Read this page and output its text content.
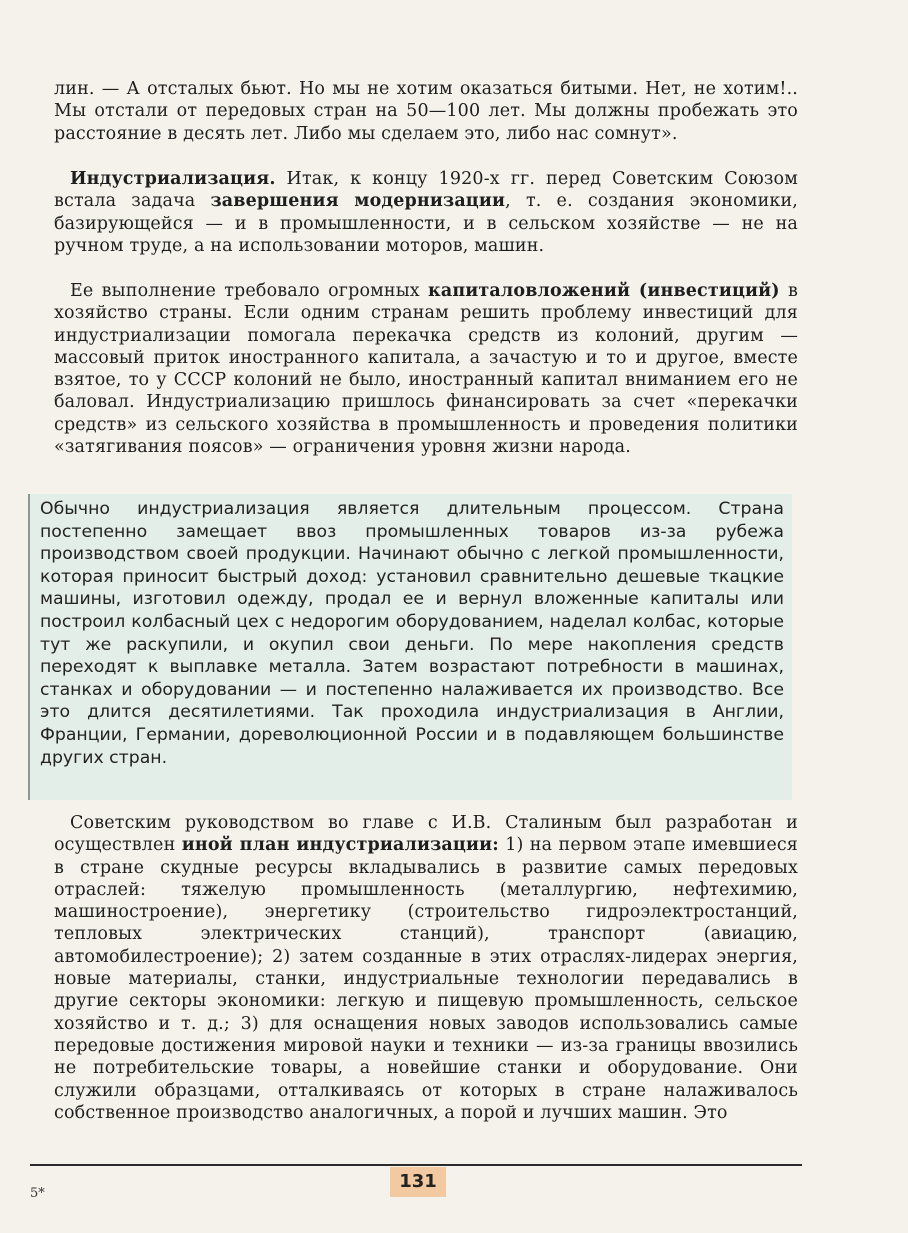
лин. — А отсталых бьют. Но мы не хотим оказаться битыми. Нет, не хотим!.. Мы отстали от передовых стран на 50—100 лет. Мы должны пробежать это расстояние в десять лет. Либо мы сделаем это, либо нас сомнут».

Индустриализация. Итак, к концу 1920-х гг. перед Советским Союзом встала задача завершения модернизации, т. е. создания экономики, базирующейся — и в промышленности, и в сельском хозяйстве — не на ручном труде, а на использовании моторов, машин.

Ее выполнение требовало огромных капиталовложений (инвестиций) в хозяйство страны. Если одним странам решить проблему инвестиций для индустриализации помогала перекачка средств из колоний, другим — массовый приток иностранного капитала, а зачастую и то и другое, вместе взятое, то у СССР колоний не было, иностранный капитал вниманием его не баловал. Индустриализацию пришлось финансировать за счет «перекачки средств» из сельского хозяйства в промышленность и проведения политики «затягивания поясов» — ограничения уровня жизни народа.

Обычно индустриализация является длительным процессом. Страна постепенно замещает ввоз промышленных товаров из-за рубежа производством своей продукции. Начинают обычно с легкой промышленности, которая приносит быстрый доход: установил сравнительно дешевые ткацкие машины, изготовил одежду, продал ее и вернул вложенные капиталы или построил колбасный цех с недорогим оборудованием, наделал колбас, которые тут же раскупили, и окупил свои деньги. По мере накопления средств переходят к выплавке металла. Затем возрастают потребности в машинах, станках и оборудовании — и постепенно налаживается их производство. Все это длится десятилетиями. Так проходила индустриализация в Англии, Франции, Германии, дореволюционной России и в подавляющем большинстве других стран.

Советским руководством во главе с И.В. Сталиным был разработан и осуществлен иной план индустриализации: 1) на первом этапе имевшиеся в стране скудные ресурсы вкладывались в развитие самых передовых отраслей: тяжелую промышленность (металлургию, нефтехимию, машиностроение), энергетику (строительство гидроэлектростанций, тепловых электрических станций), транспорт (авиацию, автомобилестроение); 2) затем созданные в этих отраслях-лидерах энергия, новые материалы, станки, индустриальные технологии передавались в другие секторы экономики: легкую и пищевую промышленность, сельское хозяйство и т. д.; 3) для оснащения новых заводов использовались самые передовые достижения мировой науки и техники — из-за границы ввозились не потребительские товары, а новейшие станки и оборудование. Они служили образцами, отталкиваясь от которых в стране налаживалось собственное производство аналогичных, а порой и лучших машин. Это

131
5*
